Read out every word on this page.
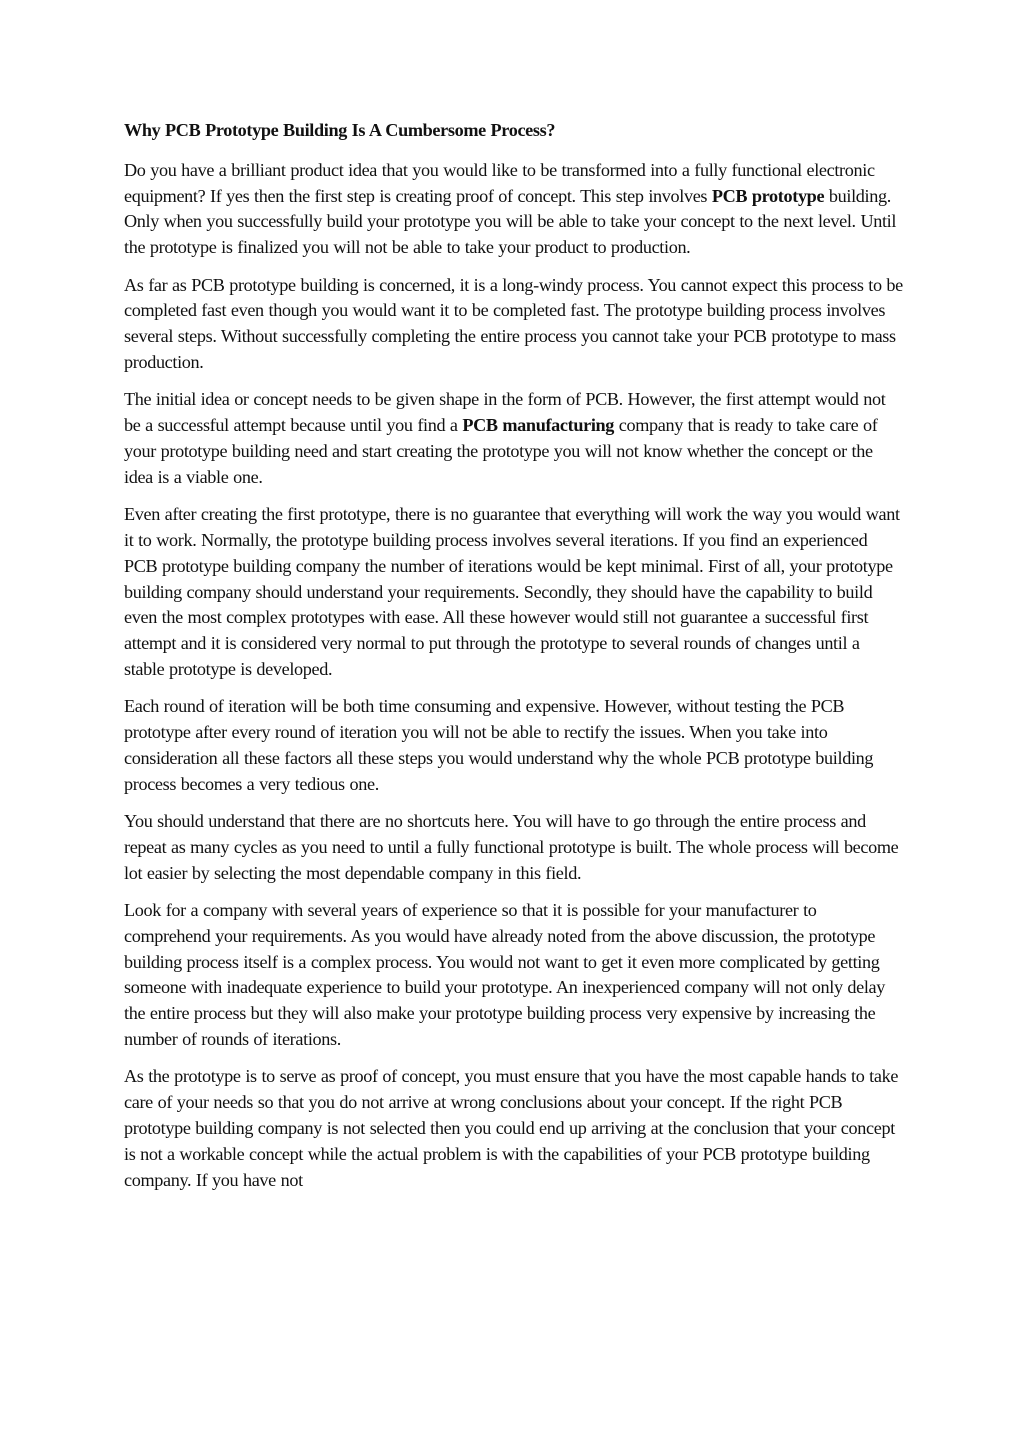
Why PCB Prototype Building Is A Cumbersome Process?

Do you have a brilliant product idea that you would like to be transformed into a fully functional electronic equipment? If yes then the first step is creating proof of concept. This step involves PCB prototype building. Only when you successfully build your prototype you will be able to take your concept to the next level. Until the prototype is finalized you will not be able to take your product to production.

As far as PCB prototype building is concerned, it is a long-windy process. You cannot expect this process to be completed fast even though you would want it to be completed fast. The prototype building process involves several steps. Without successfully completing the entire process you cannot take your PCB prototype to mass production.

The initial idea or concept needs to be given shape in the form of PCB. However, the first attempt would not be a successful attempt because until you find a PCB manufacturing company that is ready to take care of your prototype building need and start creating the prototype you will not know whether the concept or the idea is a viable one.

Even after creating the first prototype, there is no guarantee that everything will work the way you would want it to work. Normally, the prototype building process involves several iterations. If you find an experienced PCB prototype building company the number of iterations would be kept minimal. First of all, your prototype building company should understand your requirements. Secondly, they should have the capability to build even the most complex prototypes with ease. All these however would still not guarantee a successful first attempt and it is considered very normal to put through the prototype to several rounds of changes until a stable prototype is developed.

Each round of iteration will be both time consuming and expensive. However, without testing the PCB prototype after every round of iteration you will not be able to rectify the issues. When you take into consideration all these factors all these steps you would understand why the whole PCB prototype building process becomes a very tedious one.

You should understand that there are no shortcuts here. You will have to go through the entire process and repeat as many cycles as you need to until a fully functional prototype is built. The whole process will become lot easier by selecting the most dependable company in this field.

Look for a company with several years of experience so that it is possible for your manufacturer to comprehend your requirements. As you would have already noted from the above discussion, the prototype building process itself is a complex process. You would not want to get it even more complicated by getting someone with inadequate experience to build your prototype. An inexperienced company will not only delay the entire process but they will also make your prototype building process very expensive by increasing the number of rounds of iterations.

As the prototype is to serve as proof of concept, you must ensure that you have the most capable hands to take care of your needs so that you do not arrive at wrong conclusions about your concept. If the right PCB prototype building company is not selected then you could end up arriving at the conclusion that your concept is not a workable concept while the actual problem is with the capabilities of your PCB prototype building company. If you have not
